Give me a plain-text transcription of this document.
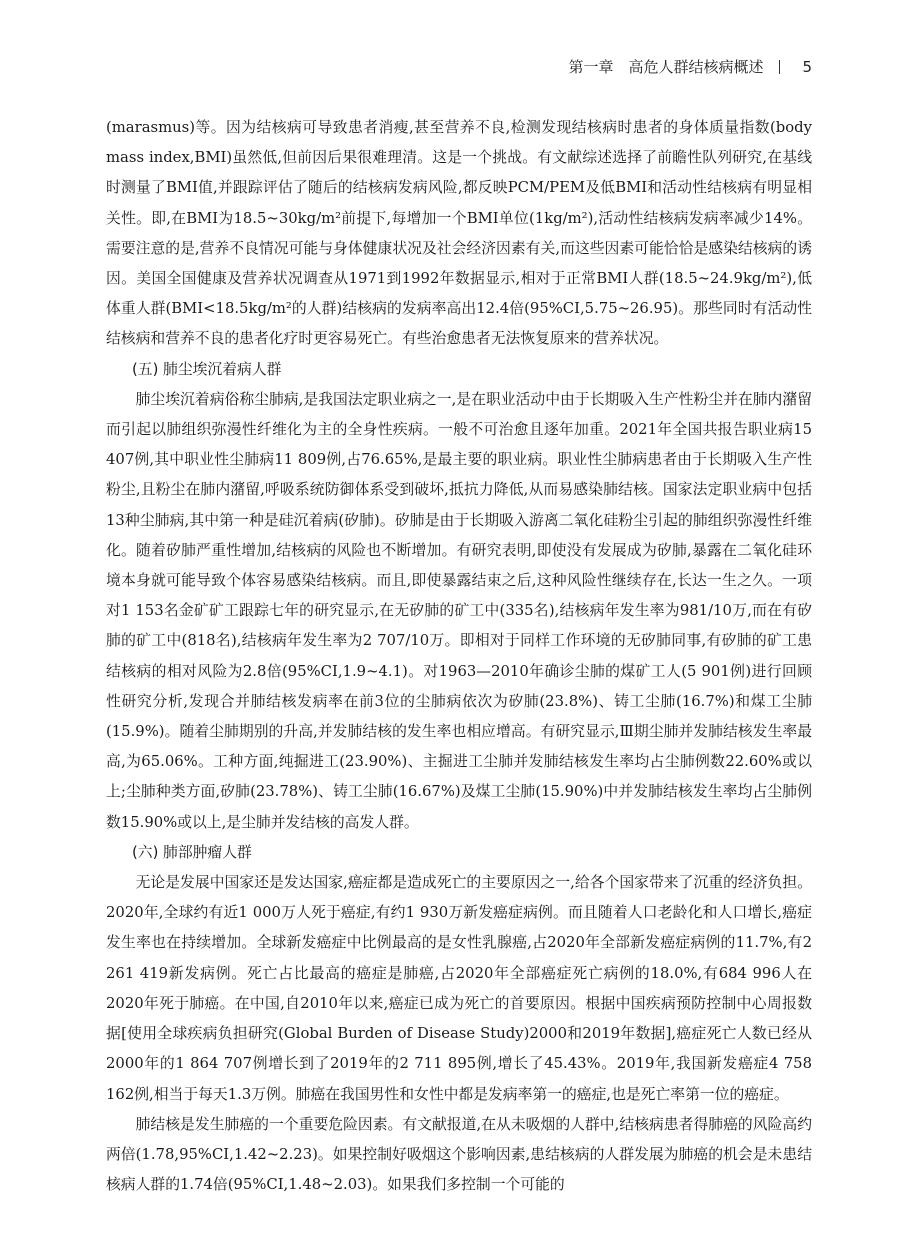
第一章　高危人群结核病概述	5

(marasmus)等。因为结核病可导致患者消瘦,甚至营养不良,检测发现结核病时患者的身体质量指数(body mass index,BMI)虽然低,但前因后果很难理清。这是一个挑战。有文献综述选择了前瞻性队列研究,在基线时测量了BMI值,并跟踪评估了随后的结核病发病风险,都反映PCM/PEM及低BMI和活动性结核病有明显相关性。即,在BMI为18.5~30kg/m²前提下,每增加一个BMI单位(1kg/m²),活动性结核病发病率减少14%。需要注意的是,营养不良情况可能与身体健康状况及社会经济因素有关,而这些因素可能恰恰是感染结核病的诱因。美国全国健康及营养状况调查从1971到1992年数据显示,相对于正常BMI人群(18.5~24.9kg/m²),低体重人群(BMI<18.5kg/m²的人群)结核病的发病率高出12.4倍(95%CI,5.75~26.95)。那些同时有活动性结核病和营养不良的患者化疗时更容易死亡。有些治愈患者无法恢复原来的营养状况。

(五) 肺尘埃沉着病人群

肺尘埃沉着病俗称尘肺病,是我国法定职业病之一,是在职业活动中由于长期吸入生产性粉尘并在肺内潴留而引起以肺组织弥漫性纤维化为主的全身性疾病。一般不可治愈且逐年加重。2021年全国共报告职业病15 407例,其中职业性尘肺病11 809例,占76.65%,是最主要的职业病。职业性尘肺病患者由于长期吸入生产性粉尘,且粉尘在肺内潴留,呼吸系统防御体系受到破坏,抵抗力降低,从而易感染肺结核。国家法定职业病中包括13种尘肺病,其中第一种是硅沉着病(矽肺)。矽肺是由于长期吸入游离二氧化硅粉尘引起的肺组织弥漫性纤维化。随着矽肺严重性增加,结核病的风险也不断增加。有研究表明,即使没有发展成为矽肺,暴露在二氧化硅环境本身就可能导致个体容易感染结核病。而且,即使暴露结束之后,这种风险性继续存在,长达一生之久。一项对1 153名金矿矿工跟踪七年的研究显示,在无矽肺的矿工中(335名),结核病年发生率为981/10万,而在有矽肺的矿工中(818名),结核病年发生率为2 707/10万。即相对于同样工作环境的无矽肺同事,有矽肺的矿工患结核病的相对风险为2.8倍(95%CI,1.9~4.1)。对1963—2010年确诊尘肺的煤矿工人(5 901例)进行回顾性研究分析,发现合并肺结核发病率在前3位的尘肺病依次为矽肺(23.8%)、铸工尘肺(16.7%)和煤工尘肺(15.9%)。随着尘肺期别的升高,并发肺结核的发生率也相应增高。有研究显示,Ⅲ期尘肺并发肺结核发生率最高,为65.06%。工种方面,纯掘进工(23.90%)、主掘进工尘肺并发肺结核发生率均占尘肺例数22.60%或以上;尘肺种类方面,矽肺(23.78%)、铸工尘肺(16.67%)及煤工尘肺(15.90%)中并发肺结核发生率均占尘肺例数15.90%或以上,是尘肺并发结核的高发人群。

(六) 肺部肿瘤人群

无论是发展中国家还是发达国家,癌症都是造成死亡的主要原因之一,给各个国家带来了沉重的经济负担。2020年,全球约有近1 000万人死于癌症,有约1 930万新发癌症病例。而且随着人口老龄化和人口增长,癌症发生率也在持续增加。全球新发癌症中比例最高的是女性乳腺癌,占2020年全部新发癌症病例的11.7%,有2 261 419新发病例。死亡占比最高的癌症是肺癌,占2020年全部癌症死亡病例的18.0%,有684 996人在2020年死于肺癌。在中国,自2010年以来,癌症已成为死亡的首要原因。根据中国疾病预防控制中心周报数据[使用全球疾病负担研究(Global Burden of Disease Study)2000和2019年数据],癌症死亡人数已经从2000年的1 864 707例增长到了2019年的2 711 895例,增长了45.43%。2019年,我国新发癌症4 758 162例,相当于每天1.3万例。肺癌在我国男性和女性中都是发病率第一的癌症,也是死亡率第一位的癌症。

肺结核是发生肺癌的一个重要危险因素。有文献报道,在从未吸烟的人群中,结核病患者得肺癌的风险高约两倍(1.78,95%CI,1.42~2.23)。如果控制好吸烟这个影响因素,患结核病的人群发展为肺癌的机会是未患结核病人群的1.74倍(95%CI,1.48~2.03)。如果我们多控制一个可能的
